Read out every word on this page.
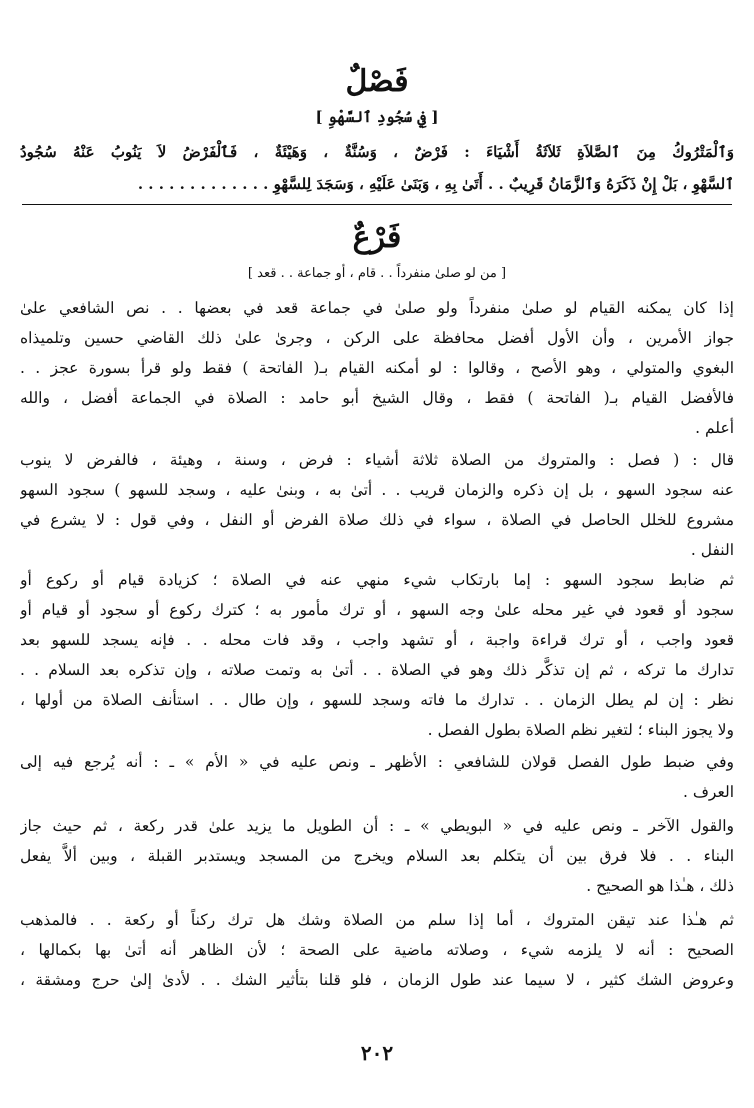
فَصْلٌ
[ فِي سُجُودِ ٱلسَّهْوِ ]
وَٱلْمَتْرُوكُ مِنَ ٱلصَّلاَةِ ثَلاَثَةُ أَشْيَاءَ : فَرْضٌ ، وَسُنَّةٌ ، وَهَيْئَةٌ ، فَٱلْفَرْضُ لاَ يَنُوبُ عَنْهُ سُجُودُ
ٱلسَّهْوِ ، بَلْ إِنْ ذَكَرَهُ وَٱلزَّمَانُ قَرِيبٌ . . أَتَىٰ بِهِ ، وَبَنَىٰ عَلَيْهِ ، وَسَجَدَ لِلسَّهْوِ . . . . . . . . . . . . .
فَرْعٌ
[ من لو صلىٰ منفرداً . . قام ، أو جماعة . . قعد ]
إذا كان يمكنه القيام لو صلىٰ منفرداً ولو صلىٰ في جماعة قعد في بعضها . . نص الشافعي علىٰ
جواز الأمرين ، وأن الأول أفضل محافظة على الركن ، وجرىٰ علىٰ ذلك القاضي حسين وتلميذاه
البغوي والمتولي ، وهو الأصح ، وقالوا : لو أمكنه القيام بـ( الفاتحة ) فقط ولو قرأ بسورة عجز . .
فالأفضل القيام بـ( الفاتحة ) فقط ، وقال الشيخ أبو حامد : الصلاة في الجماعة أفضل ، والله
أعلم .
قال : ( فصل : والمتروك من الصلاة ثلاثة أشياء : فرض ، وسنة ، وهيئة ، فالفرض لا ينوب
عنه سجود السهو ، بل إن ذكره والزمان قريب . . أتىٰ به ، وبنىٰ عليه ، وسجد للسهو ) سجود السهو
مشروع للخلل الحاصل في الصلاة ، سواء في ذلك صلاة الفرض أو النفل ، وفي قول : لا يشرع في
النفل .
ثم ضابط سجود السهو : إما بارتكاب شيء منهي عنه في الصلاة ؛ كزيادة قيام أو ركوع أو
سجود أو قعود في غير محله علىٰ وجه السهو ، أو ترك مأمور به ؛ كترك ركوع أو سجود أو قيام أو
قعود واجب ، أو ترك قراءة واجبة ، أو تشهد واجب ، وقد فات محله . . فإنه يسجد للسهو بعد
تدارك ما تركه ، ثم إن تذكَّر ذلك وهو في الصلاة . . أتىٰ به وتمت صلاته ، وإن تذكره بعد السلام . .
نظر : إن لم يطل الزمان . . تدارك ما فاته وسجد للسهو ، وإن طال . . استأنف الصلاة من أولها ،
ولا يجوز البناء ؛ لتغير نظم الصلاة بطول الفصل .
وفي ضبط طول الفصل قولان للشافعي : الأظهر ـ ونص عليه في « الأم » ـ : أنه يُرجع فيه إلى
العرف .
والقول الآخر ـ ونص عليه في « البويطي » ـ : أن الطويل ما يزيد علىٰ قدر ركعة ، ثم حيث جاز
البناء . . فلا فرق بين أن يتكلم بعد السلام ويخرج من المسجد ويستدبر القبلة ، وبين ألاَّ يفعل
ذلك ، هـٰذا هو الصحيح .
ثم هـٰذا عند تيقن المتروك ، أما إذا سلم من الصلاة وشك هل ترك ركناً أو ركعة . . فالمذهب
الصحيح : أنه لا يلزمه شيء ، وصلاته ماضية على الصحة ؛ لأن الظاهر أنه أتىٰ بها بكمالها ،
وعروض الشك كثير ، لا سيما عند طول الزمان ، فلو قلنا بتأثير الشك . . لأدىٰ إلىٰ حرج ومشقة ،
٢٠٢
